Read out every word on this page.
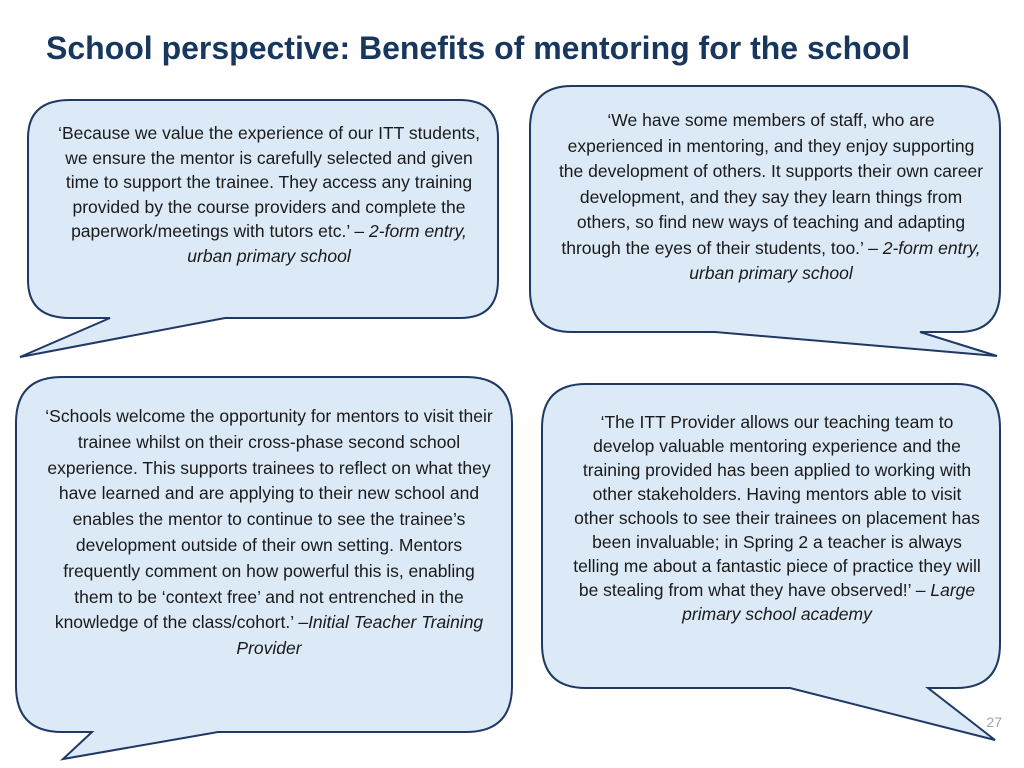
School perspective: Benefits of mentoring for the school
‘Because we value the experience of our ITT students, we ensure the mentor is carefully selected and given time to support the trainee. They access any training provided by the course providers and complete the paperwork/meetings with tutors etc.’ – 2-form entry, urban primary school
‘We have some members of staff, who are experienced in mentoring, and they enjoy supporting the development of others. It supports their own career development, and they say they learn things from others, so find new ways of teaching and adapting through the eyes of their students, too.’ – 2-form entry, urban primary school
‘Schools welcome the opportunity for mentors to visit their trainee whilst on their cross-phase second school experience. This supports trainees to reflect on what they have learned and are applying to their new school and enables the mentor to continue to see the trainee’s development outside of their own setting. Mentors frequently comment on how powerful this is, enabling them to be ‘context free’ and not entrenched in the knowledge of the class/cohort.’ –Initial Teacher Training Provider
‘The ITT Provider allows our teaching team to develop valuable mentoring experience and the training provided has been applied to working with other stakeholders. Having mentors able to visit other schools to see their trainees on placement has been invaluable; in Spring 2 a teacher is always telling me about a fantastic piece of practice they will be stealing from what they have observed!’ – Large primary school academy
27
